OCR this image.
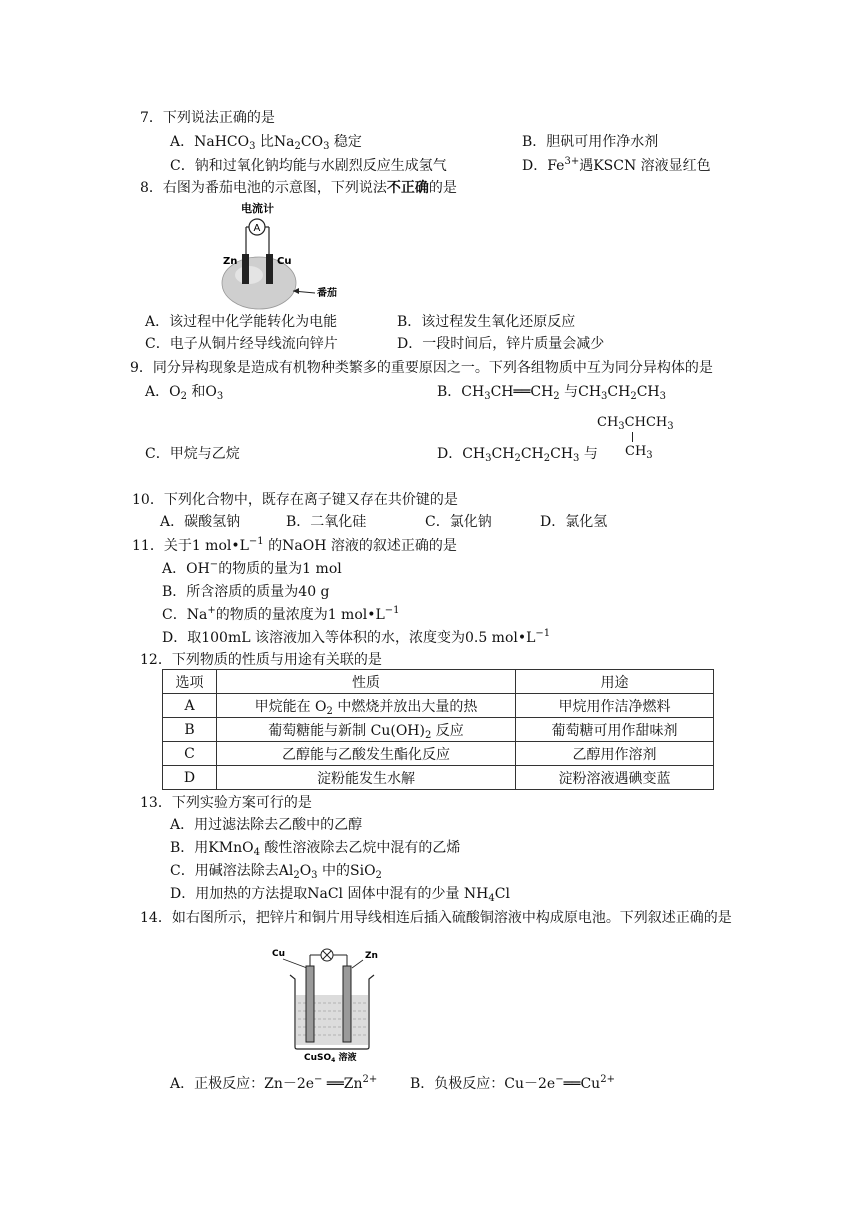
7．下列说法正确的是
A．NaHCO$_3$ 比$Na_2CO_3$ 稳定	B．胆矾可用作净水剂
C．钠和过氧化钠均能与水剧烈反应生成氢气	D．$Fe^{3+}$遇KSCN 溶液显红色
8．右图为番茄电池的示意图，下列说法不正确的是
电流计
A
Zn	Cu
番茄
A．该过程中化学能转化为电能	B．该过程发生氧化还原反应
C．电子从铜片经导线流向锌片	D．一段时间后，锌片质量会减少
9．同分异构现象是造成有机物种类繁多的重要原因之一。下列各组物质中互为同分异构体的是
A．$O_2$ 和$O_3$	B．$CH_3CH══CH_2$ 与$CH_3CH_2CH_3$
$CH_3CHCH_3$
$CH_3$
C．甲烷与乙烷	D．$CH_3CH_2CH_2CH_3$ 与
10．下列化合物中，既存在离子键又存在共价键的是
A．碳酸氢钠	B．二氧化硅	C．氯化钠	D．氯化氢
11．关于1 $mol•L^{-1}$ 的NaOH 溶液的叙述正确的是
A．OH−的物质的量为1 mol
B．所含溶质的质量为40 g
C．Na+的物质的量浓度为1 $mol•L^{-1}$
D．取100mL 该溶液加入等体积的水，浓度变为0.5 $mol•L^{-1}$
12．下列物质的性质与用途有关联的是
选项	性质	用途
A	甲烷能在 $O_2$ 中燃烧并放出大量的热	甲烷用作洁净燃料
B	葡萄糖能与新制 $Cu(OH)_2$ 反应	葡萄糖可用作甜味剂
C	乙醇能与乙酸发生酯化反应	乙醇用作溶剂
D	淀粉能发生水解	淀粉溶液遇碘变蓝
13．下列实验方案可行的是
A．用过滤法除去乙酸中的乙醇
B．用KMnO$_4$ 酸性溶液除去乙烷中混有的乙烯
C．用碱溶法除去$Al_2O_3$ 中的SiO$_2$
D．用加热的方法提取NaCl 固体中混有的少量 $NH_4Cl$
14．如右图所示，把锌片和铜片用导线相连后插入硫酸铜溶液中构成原电池。下列叙述正确的是
Cu	Zn
CuSO$_4$ 溶液
A．正极反应：Zn－2e− $══Zn^{2+}$ B．负极反应：$Cu-2e^-══Cu^{2+}$
